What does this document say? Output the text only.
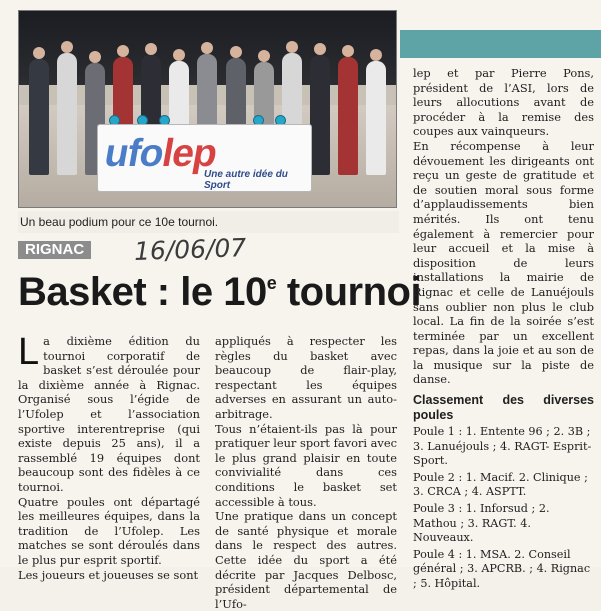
ufolep
Une autre idée du Sport
Un beau podium pour ce 10e tournoi.
RIGNAC 16/06/07
Basket : le 10e tournoi
L a dixième édition du tournoi corporatif de basket s’est déroulée pour la dixième année à Rignac. Organisé sous l’égide de l’Ufolep et l’association sportive interentreprise (qui existe depuis 25 ans), il a rassemblé 19 équipes dont beaucoup sont des fidèles à ce tournoi.

Quatre poules ont départagé les meilleures équipes, dans la tradition de l’Ufolep. Les matches se sont déroulés dans le plus pur esprit sportif.

Les joueurs et joueuses se sont

appliqués à respecter les règles du basket avec beaucoup de flair-play, respectant les équipes adverses en assurant un auto-arbitrage.

Tous n’étaient-ils pas là pour pratiquer leur sport favori avec le plus grand plaisir en toute convivialité dans ces conditions le basket set accessible à tous.

Une pratique dans un concept de santé physique et morale dans le respect des autres. Cette idée du sport a été décrite par Jacques Delbosc, président départemental de l’Ufo-

lep et par Pierre Pons, président de l’ASI, lors de leurs allocutions avant de procéder à la remise des coupes aux vainqueurs.

En récompense à leur dévouement les dirigeants ont reçu un geste de gratitude et de soutien moral sous forme d’applaudissements bien mérités. Ils ont tenu également à remercier pour leur accueil et la mise à disposition de leurs installations la mairie de Rignac et celle de Lanuéjouls sans oublier non plus le club local. La fin de la soirée s’est terminée par un excellent repas, dans la joie et au son de la musique sur la piste de danse.

Classement des diverses poules

Poule 1 : 1. Entente 96 ; 2. 3B ; 3. Lanuéjouls ; 4. RAGT- Esprit-Sport.

Poule 2 : 1. Macif. 2. Clinique ; 3. CRCA ; 4. ASPTT.

Poule 3 : 1. Inforsud ; 2. Mathou ; 3. RAGT. 4. Nouveaux.

Poule 4 : 1. MSA. 2. Conseil général ; 3. APCRB. ; 4. Rignac ; 5. Hôpital.
